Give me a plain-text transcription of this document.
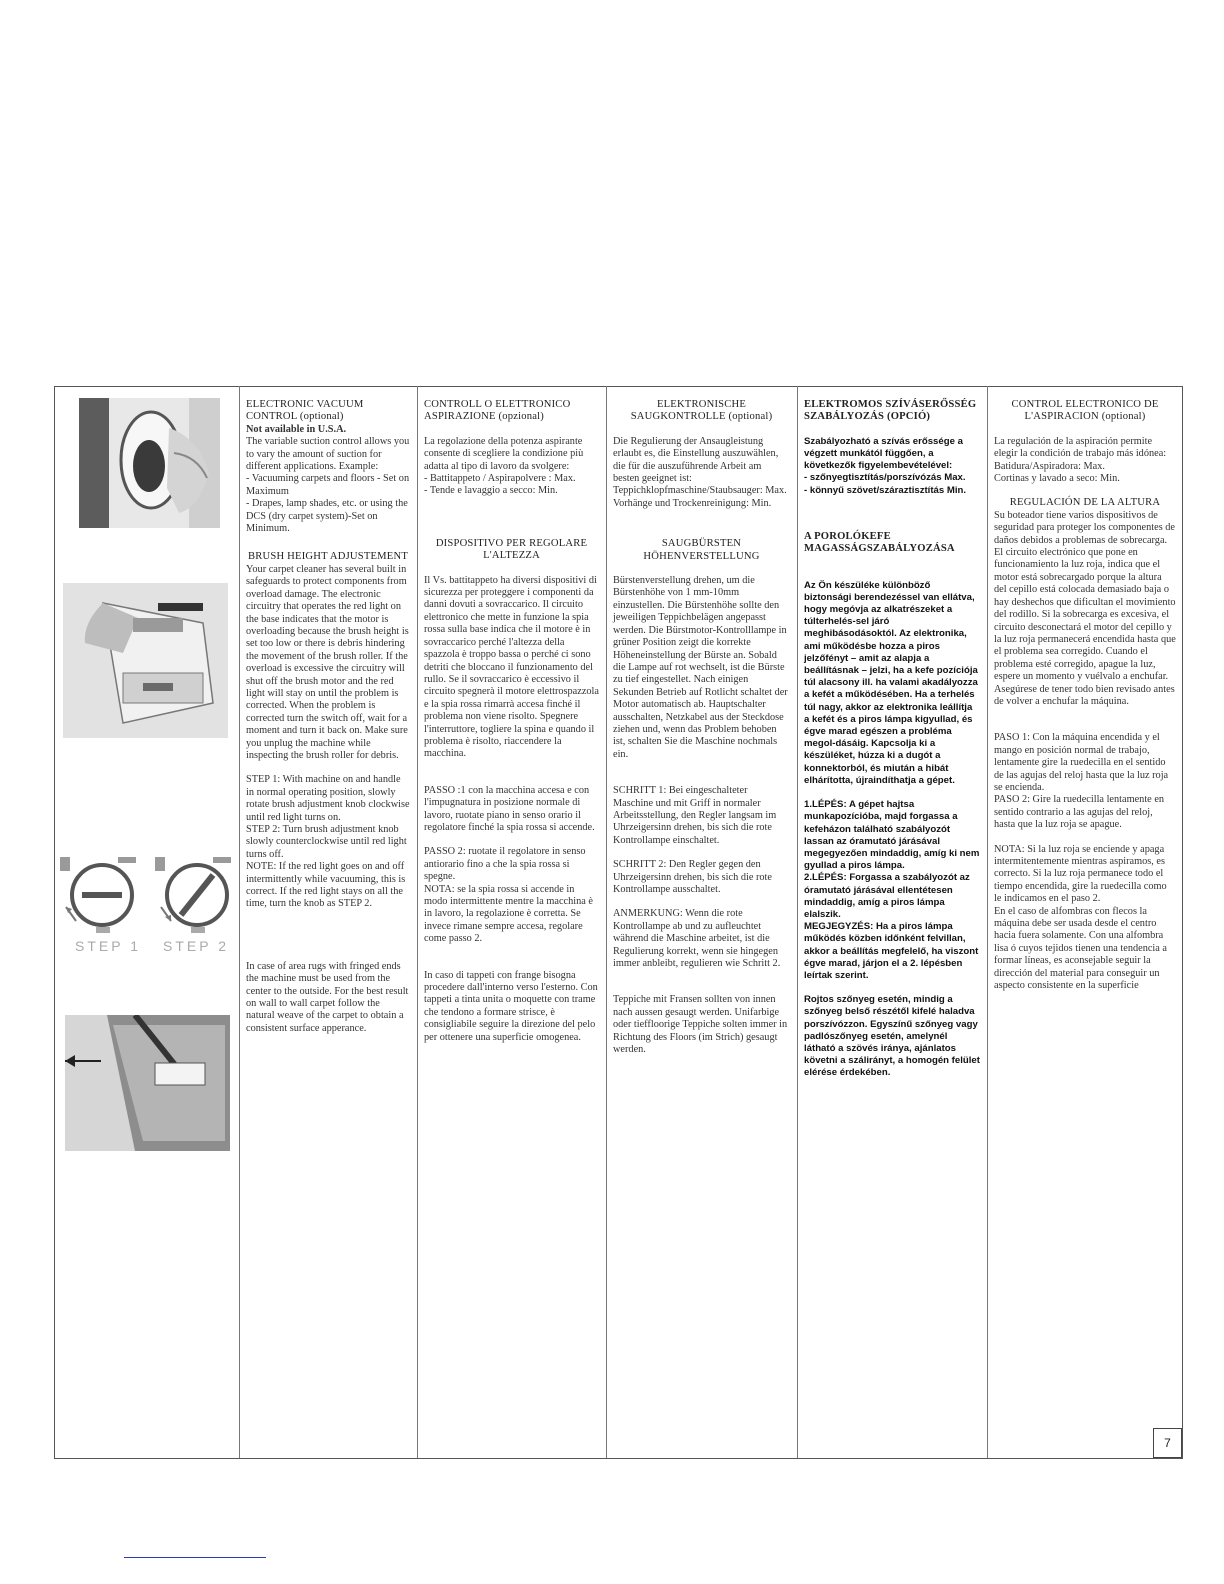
STEP 1 STEP 2

ELECTRONIC VACUUM CONTROL (optional)

Not available in U.S.A.

The variable suction control allows you to vary the amount of suction for different applications. Example:

- Vacuuming carpets and floors - Set on Maximum

- Drapes, lamp shades, etc. or using the DCS (dry carpet system)-Set on Minimum.

BRUSH HEIGHT ADJUSTEMENT

Your carpet cleaner has several built in safeguards to protect components from overload damage. The electronic circuitry that operates the red light on the base indicates that the motor is overloading because the brush height is set too low or there is debris hindering the movement of the brush roller. If the overload is excessive the circuitry will shut off the brush motor and the red light will stay on until the problem is corrected. When the problem is corrected turn the switch off, wait for a moment and turn it back on. Make sure you unplug the machine while inspecting the brush roller for debris.

STEP 1: With machine on and handle in normal operating position, slowly rotate brush adjustment knob clockwise until red light turns on.

STEP 2: Turn brush adjustment knob slowly counterclockwise until red light turns off.

NOTE: If the red light goes on and off intermittently while vacuuming, this is correct. If the red light stays on all the time, turn the knob as STEP 2.

In case of area rugs with fringed ends the machine must be used from the center to the outside. For the best result on wall to wall carpet follow the natural weave of the carpet to obtain a consistent surface apperance.

CONTROLL O ELETTRONICO ASPIRAZIONE (opzional)

La regolazione della potenza aspirante consente di scegliere la condizione più adatta al tipo di lavoro da svolgere:

- Battitappeto / Aspirapolvere : Max.

- Tende e lavaggio a secco: Min.

DISPOSITIVO PER REGOLARE L'ALTEZZA

Il Vs. battitappeto ha diversi dispositivi di sicurezza per proteggere i componenti da danni dovuti a sovraccarico. Il circuito elettronico che mette in funzione la spia rossa sulla base indica che il motore è in sovraccarico perché l'altezza della spazzola è troppo bassa o perché ci sono detriti che bloccano il funzionamento del rullo. Se il sovraccarico è eccessivo il circuito spegnerà il motore elettrospazzola e la spia rossa rimarrà accesa finché il problema non viene risolto. Spegnere l'interruttore, togliere la spina e quando il problema è risolto, riaccendere la macchina.

PASSO :1 con la macchina accesa e con l'impugnatura in posizione normale di lavoro, ruotate piano in senso orario il regolatore finché la spia rossa si accende.

PASSO 2: ruotate il regolatore in senso antiorario fino a che la spia rossa si spegne.

NOTA: se la spia rossa si accende in modo intermittente mentre la macchina è in lavoro, la regolazione è corretta. Se invece rimane sempre accesa, regolare come passo 2.

In caso di tappeti con frange bisogna procedere dall'interno verso l'esterno. Con tappeti a tinta unita o moquette con trame che tendono a formare strisce, è consigliabile seguire la direzione del pelo per ottenere una superficie omogenea.

ELEKTRONISCHE SAUGKONTROLLE (optional)

Die Regulierung der Ansaugleistung erlaubt es, die Einstellung auszuwählen, die für die auszuführende Arbeit am besten geeignet ist:

Teppichklopfmaschine/Staubsauger: Max.

Vorhänge und Trockenreinigung: Min.

SAUGBÜRSTEN HÖHENVERSTELLUNG

Bürstenverstellung drehen, um die Bürstenhöhe von 1 mm-10mm einzustellen. Die Bürstenhöhe sollte den jeweiligen Teppichbelägen angepasst werden. Die Bürstmotor-Kontrolllampe in grüner Position zeigt die korrekte Höheneinstellung der Bürste an. Sobald die Lampe auf rot wechselt, ist die Bürste zu tief eingestellet. Nach einigen Sekunden Betrieb auf Rotlicht schaltet der Motor automatisch ab. Hauptschalter ausschalten, Netzkabel aus der Steckdose ziehen und, wenn das Problem behoben ist, schalten Sie die Maschine nochmals ein.

SCHRITT 1: Bei eingeschalteter Maschine und mit Griff in normaler Arbeitsstellung, den Regler langsam im Uhrzeigersinn drehen, bis sich die rote Kontrollampe einschaltet.

SCHRITT 2: Den Regler gegen den Uhrzeigersinn drehen, bis sich die rote Kontrollampe ausschaltet.

ANMERKUNG: Wenn die rote Kontrollampe ab und zu aufleuchtet während die Maschine arbeitet, ist die Regulierung korrekt, wenn sie hingegen immer anbleibt, regulieren wie Schritt 2.

Teppiche mit Fransen sollten von innen nach aussen gesaugt werden. Unifarbige oder tieffloorige Teppiche solten immer in Richtung des Floors (im Strich) gesaugt werden.

ELEKTROMOS SZÍVÁSERŐSSÉG SZABÁLYOZÁS (OPCIÓ)

Szabályozható a szívás erőssége a végzett munkától függően, a következők figyelembevételével:

- szőnyegtisztítás/porszívózás Max.

- könnyű szövet/száraztisztítás Min.

A POROLÓKEFE MAGASSÁGSZABÁLYOZÁSA

Az Ön készüléke különböző biztonsági berendezéssel van ellátva, hogy megóvja az alkatrészeket a túlterhelés-sel járó meghibásodásoktól. Az elektronika, ami működésbe hozza a piros jelzőfényt – amit az alapja a beállításnak – jelzi, ha a kefe pozíciója túl alacsony ill. ha valami akadályozza a kefét a működésében. Ha a terhelés túl nagy, akkor az elektronika leállítja a kefét és a piros lámpa kigyullad, és égve marad egészen a probléma megol-dásáig. Kapcsolja ki a készüléket, húzza ki a dugót a konnektorból, és miután a hibát elhárította, újraindíthatja a gépet.

1.LÉPÉS: A gépet hajtsa munkapozícióba, majd forgassa a kefeházon található szabályozót lassan az óramutató járásával megegyezően mindaddig, amíg ki nem gyullad a piros lámpa.

2.LÉPÉS: Forgassa a szabályozót az óramutató járásával ellentétesen mindaddig, amíg a piros lámpa elalszik.

MEGJEGYZÉS: Ha a piros lámpa működés közben időnként felvillan, akkor a beállítás megfelelő, ha viszont égve marad, járjon el a 2. lépésben leírtak szerint.

Rojtos szőnyeg esetén, mindig a szőnyeg belső részétől kifelé haladva porszívózzon. Egyszínű szőnyeg vagy padlószőnyeg esetén, amelynél látható a szövés iránya, ajánlatos követni a szálirányt, a homogén felület elérése érdekében.

CONTROL ELECTRONICO DE L'ASPIRACION (optional)

La regulación de la aspiración permite elegir la condición de trabajo más idónea:

Batidura/Aspiradora: Max.

Cortinas y lavado a seco: Min.

REGULACIÓN DE LA ALTURA

Su boteador tiene varios dispositivos de seguridad para proteger los componentes de daños debidos a problemas de sobrecarga. El circuito electrónico que pone en funcionamiento la luz roja, indica que el motor está sobrecargado porque la altura del cepillo está colocada demasiado baja o hay deshechos que dificultan el movimiento del rodillo. Si la sobrecarga es excesiva, el circuito desconectará el motor del cepillo y la luz roja permanecerá encendida hasta que el problema sea corregido. Cuando el problema esté corregido, apague la luz, espere un momento y vuélvalo a enchufar. Asegúrese de tener todo bien revisado antes de volver a enchufar la máquina.

PASO 1: Con la máquina encendida y el mango en posición normal de trabajo, lentamente gire la ruedecilla en el sentido de las agujas del reloj hasta que la luz roja se encienda.

PASO 2: Gire la ruedecilla lentamente en sentido contrario a las agujas del reloj, hasta que la luz roja se apague.

NOTA: Si la luz roja se enciende y apaga intermitentemente mientras aspiramos, es correcto. Si la luz roja permanece todo el tiempo encendida, gire la ruedecilla como le indicamos en el paso 2.

En el caso de alfombras con flecos la máquina debe ser usada desde el centro hacia fuera solamente. Con una alfombra lisa ó cuyos tejidos tienen una tendencia a formar líneas, es aconsejable seguir la dirección del material para conseguir un aspecto consistente en la superficie

7
